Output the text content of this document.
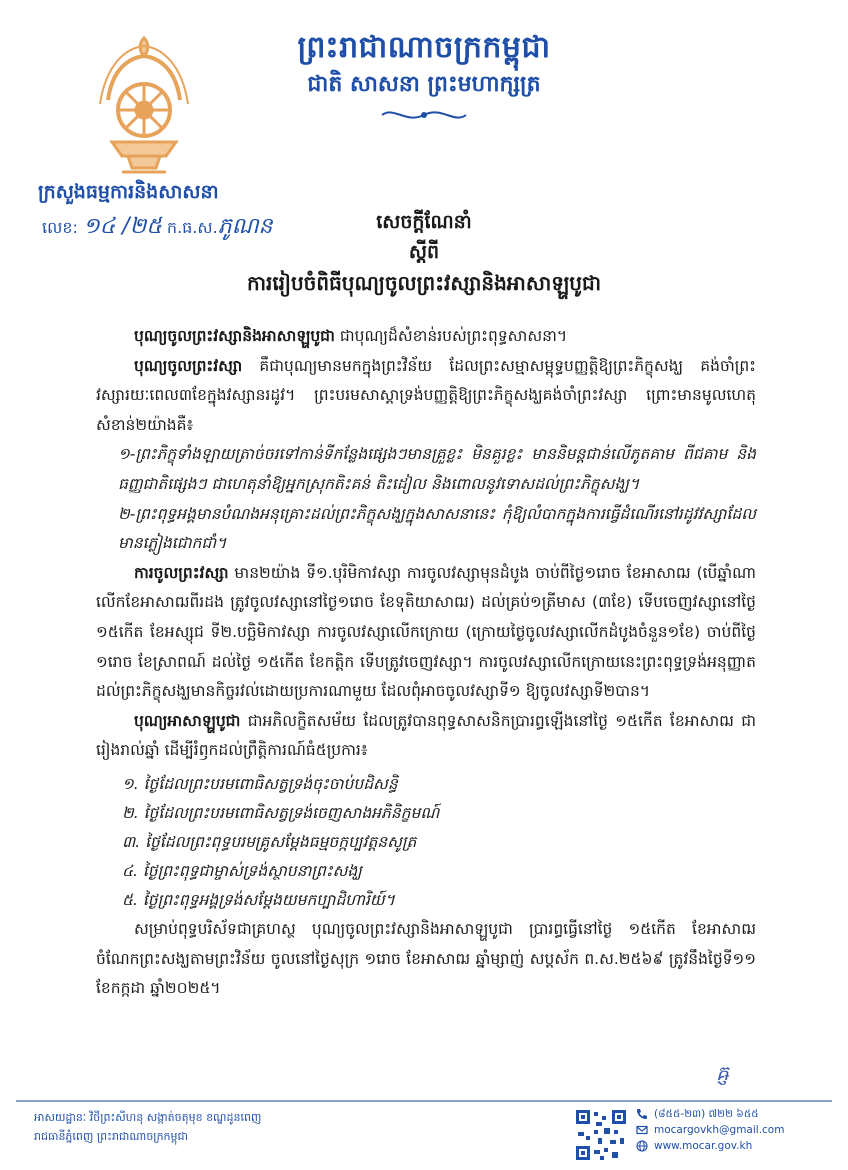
ព្រះរាជាណាចក្រកម្ពុជា
ជាតិ សាសនា ព្រះមហាក្សត្រ
ក្រសួងធម្មការនិងសាសនា
លេខ: ១៤ /២៥ ក.ធ.ស.ភូណន	សេចក្ដីណែនាំ
ស្ដីពី
ការរៀបចំពិធីបុណ្យចូលព្រះវស្សានិងអាសាឡ្ហបូជា

បុណ្យចូលព្រះវស្សានិងអាសាឡ្ហបូជា ជាបុណ្យដ៏សំខាន់របស់ព្រះពុទ្ធសាសនា។

បុណ្យចូលព្រះវស្សា គឺជាបុណ្យមានមកក្នុងព្រះវិន័យ ដែលព្រះសម្មាសម្ពុទ្ធបញ្ញត្តិឱ្យព្រះភិក្ខុសង្ឃ គង់ចាំព្រះវស្សារយៈពេល៣ខែក្នុងវស្សានរដូវ។ ព្រះបរមសាស្ដាទ្រង់បញ្ញត្តិឱ្យព្រះភិក្ខុសង្ឃគង់ចាំព្រះវស្សា ព្រោះមានមូលហេតុសំខាន់២យ៉ាងគឺ៖

១-ព្រះភិក្ខុទាំងឡាយត្រាច់ចរទៅកាន់ទីកន្លែងផ្សេងៗមានគ្រួខ្លះ មិនគួរខ្លះ មាននិមន្តជាន់លើភូតគាម ពីជគាម និងធញ្ញជាតិផ្សេងៗ ជាហេតុនាំឱ្យអ្នកស្រុកតិះគន់ តិះដៀល និងពោលនូវទោសដល់ព្រះភិក្ខុសង្ឃ។

២-ព្រះពុទ្ធអង្គមានបំណងអនុគ្រោះដល់ព្រះភិក្ខុសង្ឃក្នុងសាសនានេះ កុំឱ្យលំបាកក្នុងការធ្វើដំណើរនៅរដូវវស្សាដែលមានភ្លៀងជោកជាំ។

ការចូលព្រះវស្សា មាន២យ៉ាង ទី១.បុរិមិកាវស្សា ការចូលវស្សាមុនដំបូង ចាប់ពីថ្ងៃ១រោច ខែអាសាឍ (បើឆ្នាំណាលើកខែអាសាឍពីរដង ត្រូវចូលវស្សានៅថ្ងៃ១រោច ខែទុតិយាសាឍ) ដល់គ្រប់១ត្រីមាស (៣ខែ) ទើបចេញវស្សានៅថ្ងៃ ១៥កើត ខែអស្សុជ ទី២.បច្ឆិមិកាវស្សា ការចូលវស្សាលើកក្រោយ (ក្រោយថ្ងៃចូលវស្សាលើកដំបូងចំនួន១ខែ) ចាប់ពីថ្ងៃ ១រោច ខែស្រាពណ៍ ដល់ថ្ងៃ ១៥កើត ខែកត្តិក ទើបត្រូវចេញវស្សា។ ការចូលវស្សាលើកក្រោយនេះព្រះពុទ្ធទ្រង់អនុញ្ញាតដល់ព្រះភិក្ខុសង្ឃមានកិច្ចរវល់ដោយប្រការណាមួយ ដែលពុំអាចចូលវស្សាទី១ ឱ្យចូលវស្សាទី២បាន។

បុណ្យអាសាឡ្ហបូជា ជាអភិលក្ខិតសម័យ ដែលត្រូវបានពុទ្ធសាសនិកប្រារព្ធឡើងនៅថ្ងៃ ១៥កើត ខែអាសាឍ ជារៀងរាល់ឆ្នាំ ដើម្បីរំឭកដល់ព្រឹត្តិការណ៍ធំ៥ប្រការ៖

១. ថ្ងៃដែលព្រះបរមពោធិសត្វទ្រង់ចុះចាប់បដិសន្ធិ

២. ថ្ងៃដែលព្រះបរមពោធិសត្វទ្រង់ចេញសាងអភិនិក្ខមណ៍

៣. ថ្ងៃដែលព្រះពុទ្ធបរមគ្រូសម្ដែងធម្មចក្កប្បវត្តនសូត្រ

៤. ថ្ងៃព្រះពុទ្ធជាម្ចាស់ទ្រង់ស្ថាបនាព្រះសង្ឃ

៥. ថ្ងៃព្រះពុទ្ធអង្គទ្រង់សម្ដែងយមកប្បាដិហារិយ៍។

សម្រាប់ពុទ្ធបរិស័ទជាគ្រហស្ថ បុណ្យចូលព្រះវស្សានិងអាសាឡ្ហបូជា ប្រារព្ធធ្វើនៅថ្ងៃ ១៥កើត ខែអាសាឍ ចំណែកព្រះសង្ឃតាមព្រះវិន័យ ចូលនៅថ្ងៃសុក្រ ១រោច ខែអាសាឍ ឆ្នាំម្សាញ់ សប្តស័ក ព.ស.២៥៦៩ ត្រូវនឹងថ្ងៃទី១១ ខែកក្កដា ឆ្នាំ២០២៥។

ឝ្ញ
អាសយដ្ឋានៈ វិថីព្រះសីហនុ សង្កាត់ចតុមុខ ខណ្ឌដូនពេញ
រាជធានីភ្នំពេញ ព្រះរាជាណាចក្រកម្ពុជា
(៨៥៥-២៣) ៧២២ ៦៥៥
mocargovkh@gmail.com
www.mocar.gov.kh
